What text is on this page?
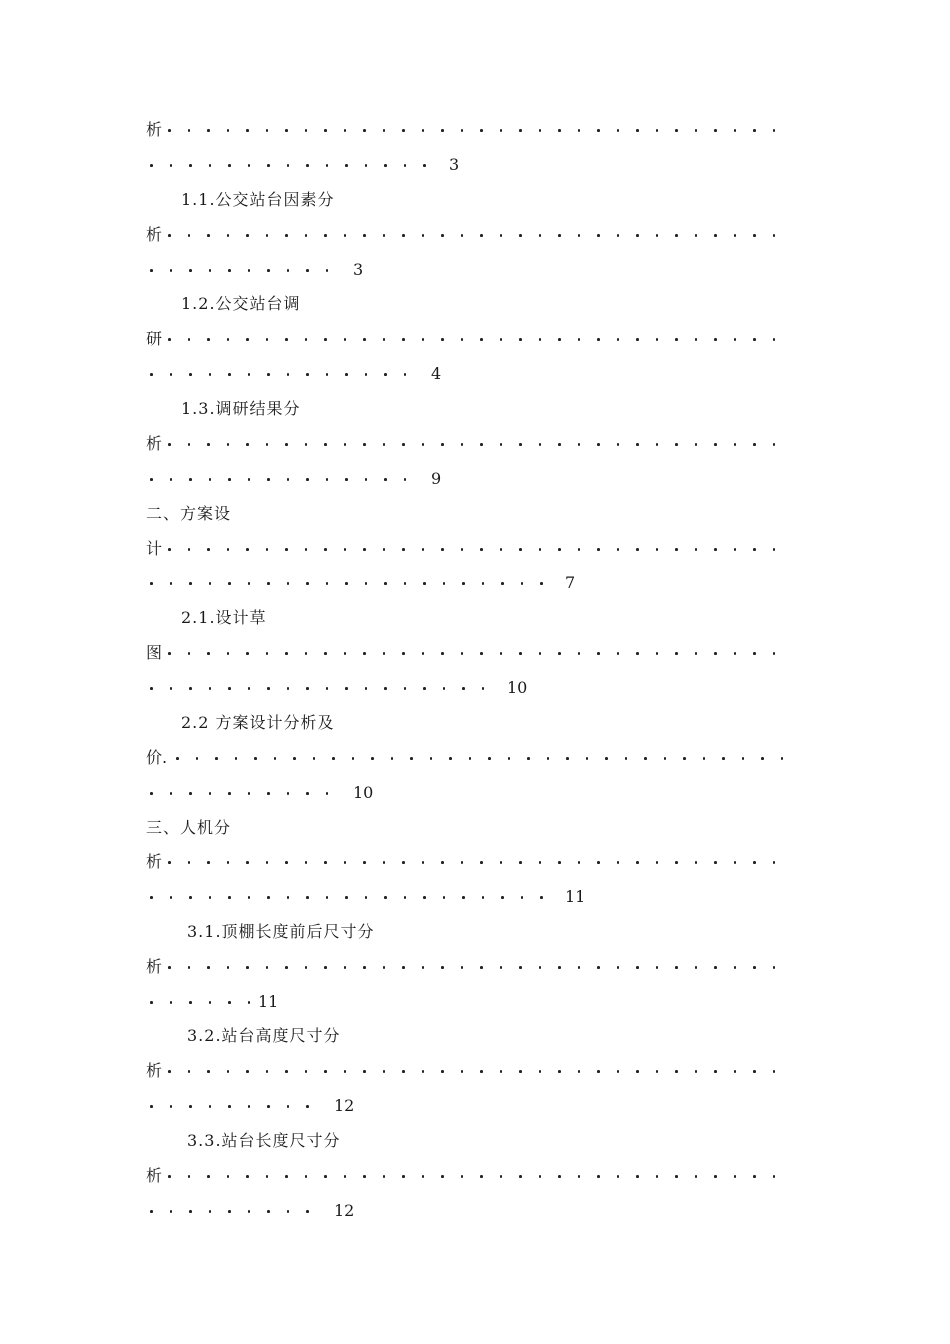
析
3
1.1.公交站台因素分
析
3
1.2.公交站台调
研
4
1.3.调研结果分
析
9
二、方案设
计
7
2.1.设计草
图
10
2.2 方案设计分析及
价.
10
三、人机分
析
11
3.1.顶棚长度前后尺寸分
析
11
3.2.站台高度尺寸分
析
12
3.3.站台长度尺寸分
析
12
